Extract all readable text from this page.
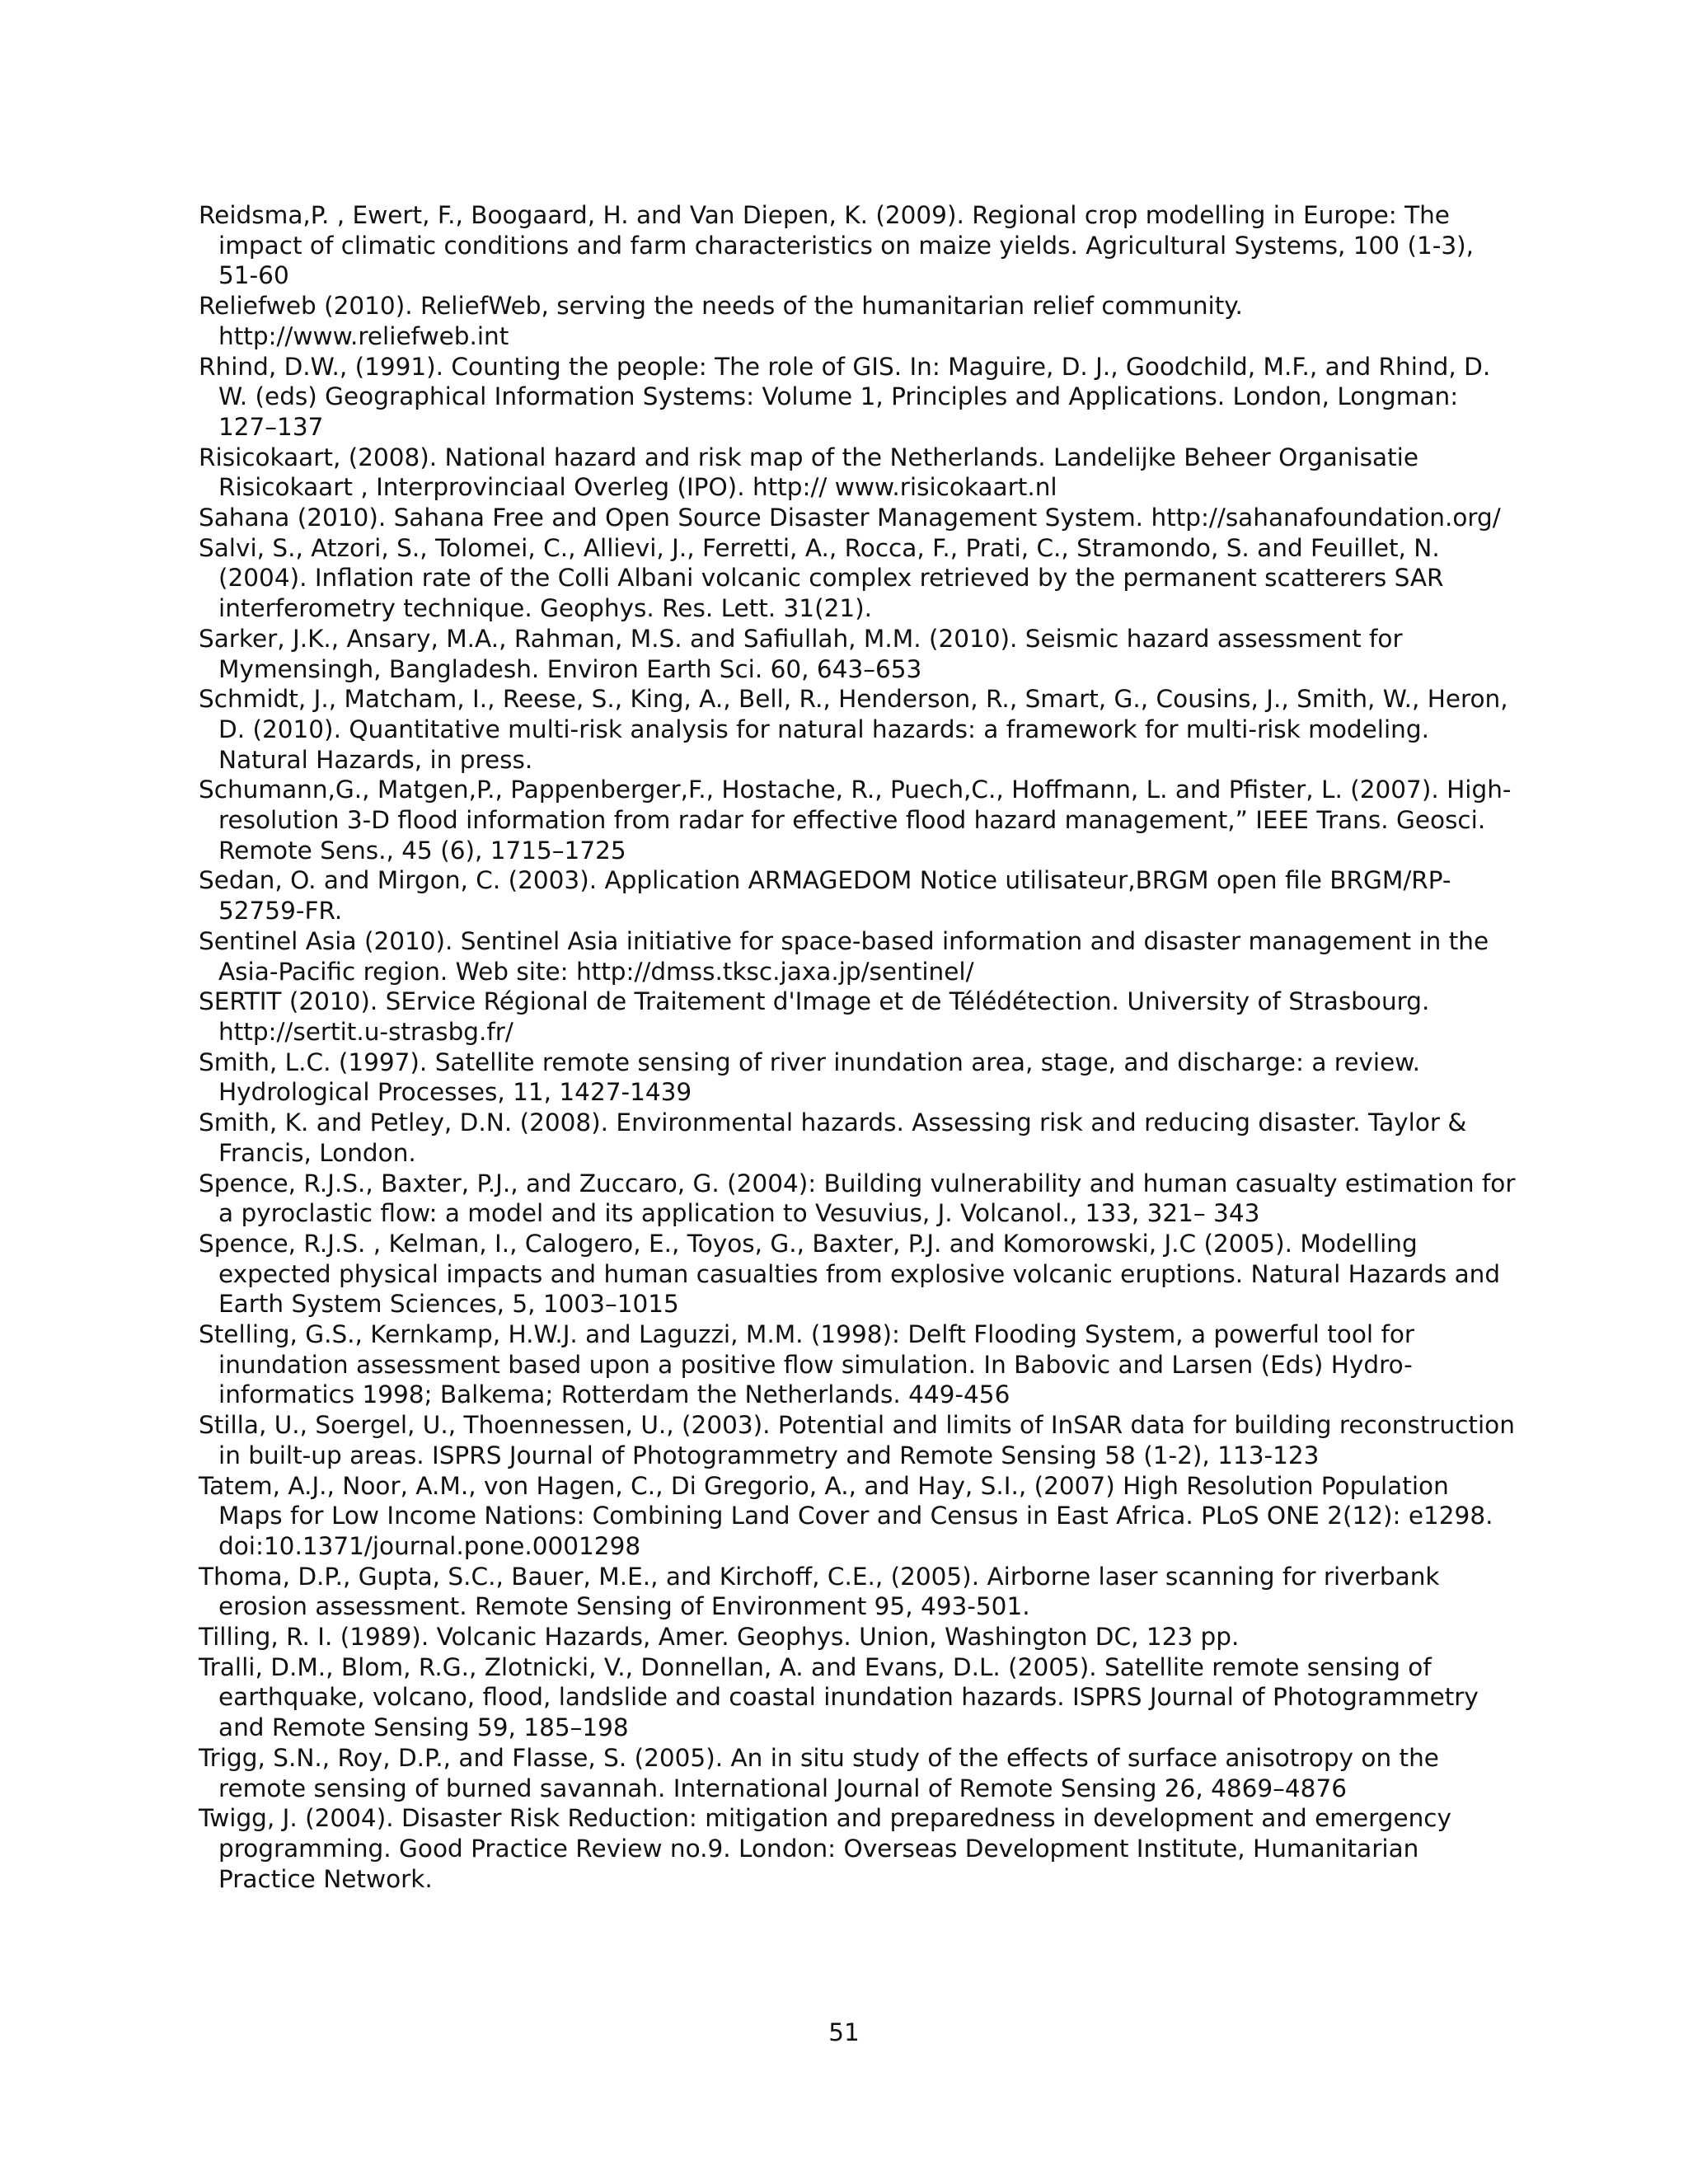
Reidsma,P. , Ewert, F., Boogaard, H. and Van Diepen, K. (2009). Regional crop modelling in Europe: The impact of climatic conditions and farm characteristics on maize yields. Agricultural Systems, 100 (1-3), 51-60
Reliefweb (2010). ReliefWeb, serving the needs of the humanitarian relief community. http://www.reliefweb.int
Rhind, D.W., (1991). Counting the people: The role of GIS. In: Maguire, D. J., Goodchild, M.F., and Rhind, D. W. (eds) Geographical Information Systems: Volume 1, Principles and Applications. London, Longman: 127–137
Risicokaart, (2008). National hazard and risk map of the Netherlands. Landelijke Beheer Organisatie Risicokaart , Interprovinciaal Overleg (IPO). http:// www.risicokaart.nl
Sahana (2010). Sahana Free and Open Source Disaster Management System. http://sahanafoundation.org/
Salvi, S., Atzori, S., Tolomei, C., Allievi, J., Ferretti, A., Rocca, F., Prati, C., Stramondo, S. and Feuillet, N. (2004). Inflation rate of the Colli Albani volcanic complex retrieved by the permanent scatterers SAR interferometry technique. Geophys. Res. Lett. 31(21).
Sarker, J.K., Ansary, M.A., Rahman, M.S. and Safiullah, M.M. (2010). Seismic hazard assessment for Mymensingh, Bangladesh. Environ Earth Sci. 60, 643–653
Schmidt, J., Matcham, I., Reese, S., King, A., Bell, R., Henderson, R., Smart, G., Cousins, J., Smith, W., Heron, D. (2010). Quantitative multi-risk analysis for natural hazards: a framework for multi-risk modeling. Natural Hazards, in press.
Schumann,G., Matgen,P., Pappenberger,F., Hostache, R., Puech,C., Hoffmann, L. and Pfister, L. (2007). High-resolution 3-D flood information from radar for effective flood hazard management,” IEEE Trans. Geosci. Remote Sens., 45 (6), 1715–1725
Sedan, O. and Mirgon, C. (2003). Application ARMAGEDOM Notice utilisateur,BRGM open file BRGM/RP-52759-FR.
Sentinel Asia (2010). Sentinel Asia initiative for space-based information and disaster management in the Asia-Pacific region. Web site: http://dmss.tksc.jaxa.jp/sentinel/
SERTIT (2010). SErvice Régional de Traitement d'Image et de Télédétection. University of Strasbourg. http://sertit.u-strasbg.fr/
Smith, L.C. (1997). Satellite remote sensing of river inundation area, stage, and discharge: a review. Hydrological Processes, 11, 1427-1439
Smith, K. and Petley, D.N. (2008). Environmental hazards. Assessing risk and reducing disaster. Taylor & Francis, London.
Spence, R.J.S., Baxter, P.J., and Zuccaro, G. (2004): Building vulnerability and human casualty estimation for a pyroclastic flow: a model and its application to Vesuvius, J. Volcanol., 133, 321– 343
Spence, R.J.S. , Kelman, I., Calogero, E., Toyos, G., Baxter, P.J. and Komorowski, J.C (2005). Modelling expected physical impacts and human casualties from explosive volcanic eruptions. Natural Hazards and Earth System Sciences, 5, 1003–1015
Stelling, G.S., Kernkamp, H.W.J. and Laguzzi, M.M. (1998): Delft Flooding System, a powerful tool for inundation assessment based upon a positive flow simulation. In Babovic and Larsen (Eds) Hydro-informatics 1998; Balkema; Rotterdam the Netherlands. 449-456
Stilla, U., Soergel, U., Thoennessen, U., (2003). Potential and limits of InSAR data for building reconstruction in built-up areas. ISPRS Journal of Photogrammetry and Remote Sensing 58 (1-2), 113-123
Tatem, A.J., Noor, A.M., von Hagen, C., Di Gregorio, A., and Hay, S.I., (2007) High Resolution Population Maps for Low Income Nations: Combining Land Cover and Census in East Africa. PLoS ONE 2(12): e1298. doi:10.1371/journal.pone.0001298
Thoma, D.P., Gupta, S.C., Bauer, M.E., and Kirchoff, C.E., (2005). Airborne laser scanning for riverbank erosion assessment. Remote Sensing of Environment 95, 493-501.
Tilling, R. I. (1989). Volcanic Hazards, Amer. Geophys. Union, Washington DC, 123 pp.
Tralli, D.M., Blom, R.G., Zlotnicki, V., Donnellan, A. and Evans, D.L. (2005). Satellite remote sensing of earthquake, volcano, flood, landslide and coastal inundation hazards. ISPRS Journal of Photogrammetry and Remote Sensing 59, 185–198
Trigg, S.N., Roy, D.P., and Flasse, S. (2005). An in situ study of the effects of surface anisotropy on the remote sensing of burned savannah. International Journal of Remote Sensing 26, 4869–4876
Twigg, J. (2004). Disaster Risk Reduction: mitigation and preparedness in development and emergency programming. Good Practice Review no.9. London: Overseas Development Institute, Humanitarian Practice Network.
51
